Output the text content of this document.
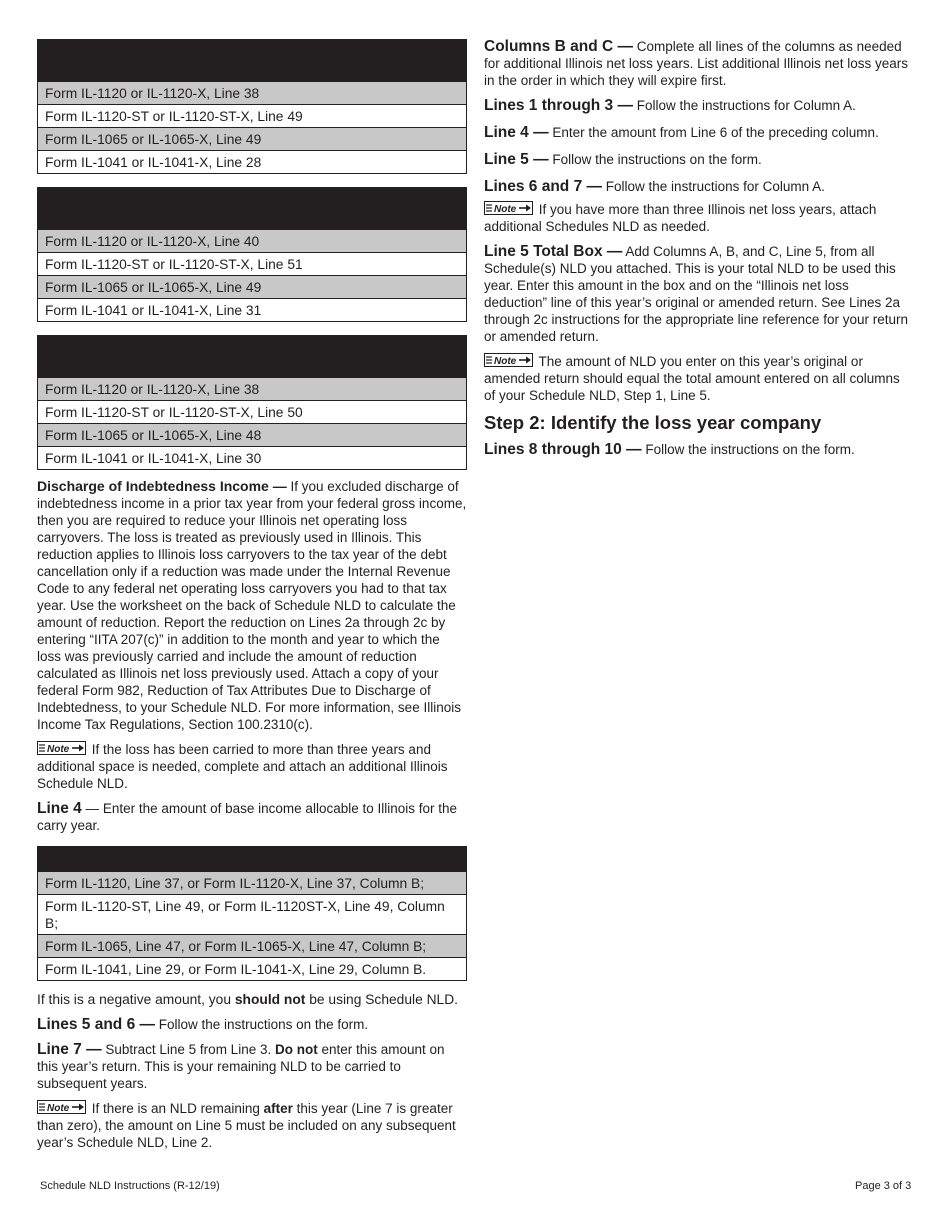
Form IL-1120 or IL-1120-X, Line 38
Form IL-1120-ST or IL-1120-ST-X, Line 49
Form IL-1065 or IL-1065-X, Line 49
Form IL-1041 or IL-1041-X, Line 28

Form IL-1120 or IL-1120-X, Line 40
Form IL-1120-ST or IL-1120-ST-X, Line 51
Form IL-1065 or IL-1065-X, Line 49
Form IL-1041 or IL-1041-X, Line 31

Form IL-1120 or IL-1120-X, Line 38
Form IL-1120-ST or IL-1120-ST-X, Line 50
Form IL-1065 or IL-1065-X, Line 48
Form IL-1041 or IL-1041-X, Line 30

Discharge of Indebtedness Income — If you excluded discharge of indebtedness income in a prior tax year from your federal gross income, then you are required to reduce your Illinois net operating loss carryovers. The loss is treated as previously used in Illinois. This reduction applies to Illinois loss carryovers to the tax year of the debt cancellation only if a reduction was made under the Internal Revenue Code to any federal net operating loss carryovers you had to that tax year. Use the worksheet on the back of Schedule NLD to calculate the amount of reduction. Report the reduction on Lines 2a through 2c by entering “IITA 207(c)” in addition to the month and year to which the loss was previously carried and include the amount of reduction calculated as Illinois net loss previously used. Attach a copy of your federal Form 982, Reduction of Tax Attributes Due to Discharge of Indebtedness, to your Schedule NLD. For more information, see Illinois Income Tax Regulations, Section 100.2310(c).

If the loss has been carried to more than three years and additional space is needed, complete and attach an additional Illinois Schedule NLD.

Line 4 — Enter the amount of base income allocable to Illinois for the carry year.

Form IL-1120, Line 37, or Form IL-1120-X, Line 37, Column B;
Form IL-1120-ST, Line 49, or Form IL-1120ST-X, Line 49, Column B;
Form IL-1065, Line 47, or Form IL-1065-X, Line 47, Column B;
Form IL-1041, Line 29, or Form IL-1041-X, Line 29, Column B.

If this is a negative amount, you should not be using Schedule NLD.

Lines 5 and 6 — Follow the instructions on the form.

Line 7 — Subtract Line 5 from Line 3. Do not enter this amount on this year’s return. This is your remaining NLD to be carried to subsequent years.

If there is an NLD remaining after this year (Line 7 is greater than zero), the amount on Line 5 must be included on any subsequent year’s Schedule NLD, Line 2.

Columns B and C — Complete all lines of the columns as needed for additional Illinois net loss years. List additional Illinois net loss years in the order in which they will expire first.

Lines 1 through 3 — Follow the instructions for Column A.

Line 4 — Enter the amount from Line 6 of the preceding column.

Line 5 — Follow the instructions on the form.

Lines 6 and 7 — Follow the instructions for Column A.

If you have more than three Illinois net loss years, attach additional Schedules NLD as needed.

Line 5 Total Box — Add Columns A, B, and C, Line 5, from all Schedule(s) NLD you attached. This is your total NLD to be used this year. Enter this amount in the box and on the “Illinois net loss deduction” line of this year’s original or amended return. See Lines 2a through 2c instructions for the appropriate line reference for your return or amended return.

The amount of NLD you enter on this year’s original or amended return should equal the total amount entered on all columns of your Schedule NLD, Step 1, Line 5.

Step 2: Identify the loss year company

Lines 8 through 10 — Follow the instructions on the form.

Schedule NLD Instructions (R-12/19)	Page 3 of 3
